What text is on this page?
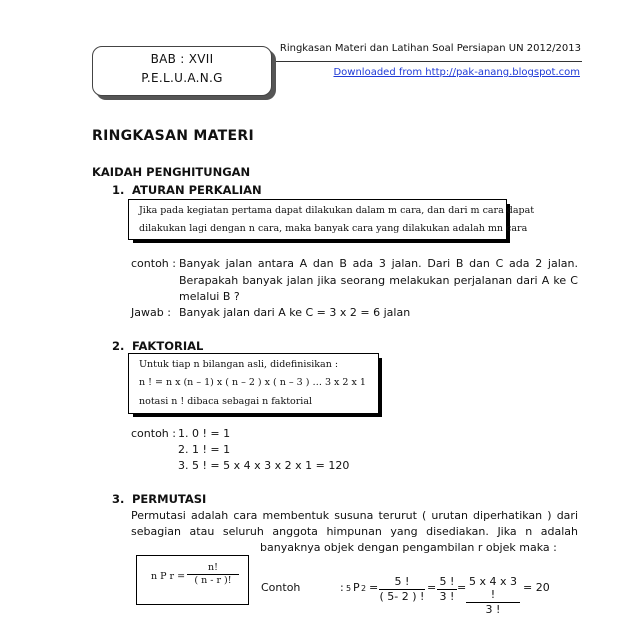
BAB : XVII
P.E.L.U.A.N.G
Ringkasan Materi dan Latihan Soal Persiapan UN 2012/2013
Downloaded from http://pak-anang.blogspot.com
RINGKASAN MATERI
KAIDAH PENGHITUNGAN
1. ATURAN PERKALIAN
Jika pada kegiatan pertama dapat dilakukan dalam m cara, dan dari m cara dapat
dilakukan lagi dengan n cara, maka banyak cara yang dilakukan adalah mn cara
contoh : Banyak jalan antara A dan B ada 3 jalan. Dari B dan C ada 2 jalan.
Berapakah banyak jalan jika seorang melakukan perjalanan dari A ke C
melalui B ?
Jawab : Banyak jalan dari A ke C = 3 x 2 = 6 jalan
2. FAKTORIAL
Untuk tiap n bilangan asli, didefinisikan :
n ! = n x (n – 1) x ( n – 2 ) x ( n – 3 ) … 3 x 2 x 1
notasi n ! dibaca sebagai n faktorial
contoh : 1. 0 ! = 1
2. 1 ! = 1
3. 5 ! = 5 x 4 x 3 x 2 x 1 = 120
3. PERMUTASI
Permutasi adalah cara membentuk susuna terurut ( urutan diperhatikan ) dari
sebagian atau seluruh anggota himpunan yang disediakan. Jika n adalah
banyaknya objek dengan pengambilan r objek maka :
n P $r = \frac{n!}{( n - r )!}$
Contoh	: 5 P $2 = \frac{5 !}{( 5- 2 ) !} = \frac{5 !}{3 !} = \frac{5 x 4 x 3 !}{3 !} = 20$
